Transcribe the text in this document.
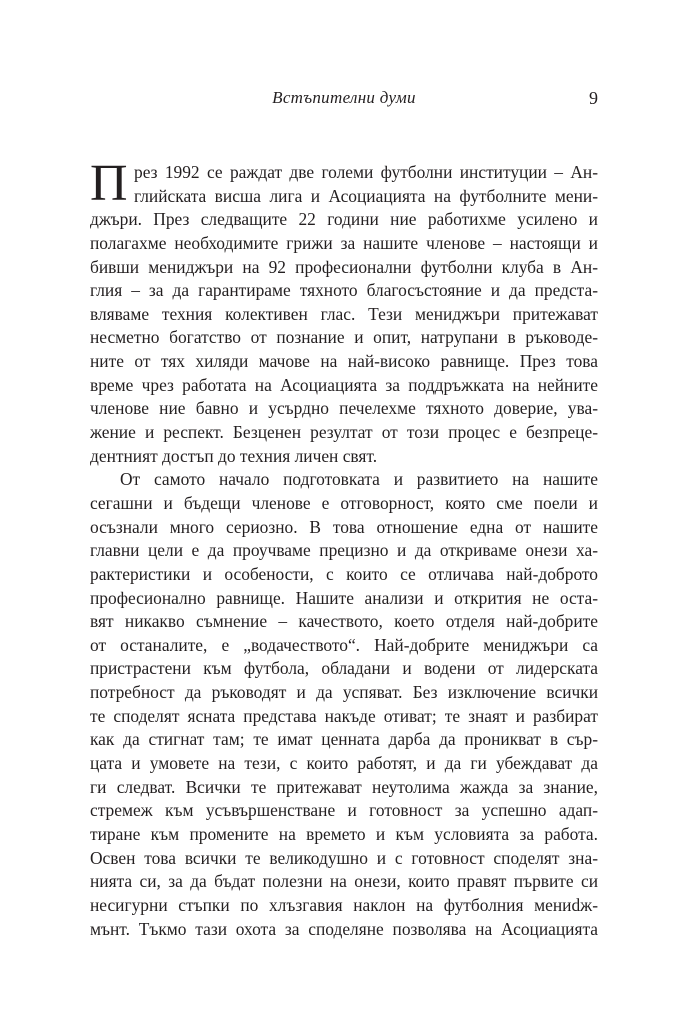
Встъпителни думи	9
П рез 1992 се раждат две големи футболни институции – Ан-
глийската висша лига и Асоциацията на футболните мени-
джъри. През следващите 22 години ние работихме усилено и
полагахме необходимите грижи за нашите членове – настоящи и
бивши мениджъри на 92 професионални футболни клуба в Ан-
глия – за да гарантираме тяхното благосъстояние и да предста-
вляваме техния колективен глас. Тези мениджъри притежават
несметно богатство от познание и опит, натрупани в ръководе-
ните от тях хиляди мачове на най-високо равнище. През това
време чрез работата на Асоциацията за поддръжката на нейните
членове ние бавно и усърдно печелехме тяхното доверие, ува-
жение и респект. Безценен резултат от този процес е безпреце-
дентният достъп до техния личен свят.
От самото начало подготовката и развитието на нашите
сегашни и бъдещи членове е отговорност, която сме поели и
осъзнали много сериозно. В това отношение една от нашите
главни цели е да проучваме прецизно и да откриваме онези ха-
рактеристики и особености, с които се отличава най-доброто
професионално равнище. Нашите анализи и открития не оста-
вят никакво съмнение – качеството, което отделя най-добрите
от останалите, е „водачеството“. Най-добрите мениджъри са
пристрастени към футбола, обладани и водени от лидерската
потребност да ръководят и да успяват. Без изключение всички
те споделят ясната представа накъде отиват; те знаят и разбират
как да стигнат там; те имат ценната дарба да проникват в сър-
цата и умовете на тези, с които работят, и да ги убеждават да
ги следват. Всички те притежават неутолима жажда за знание,
стремеж към усъвършенстване и готовност за успешно адап-
тиране към промените на времето и към условията за работа.
Освен това всички те великодушно и с готовност споделят зна-
нията си, за да бъдат полезни на онези, които правят първите си
несигурни стъпки по хлъзгавия наклон на футболния мениdж-
мънт. Тъкмо тази охота за споделяне позволява на Асоциацията
